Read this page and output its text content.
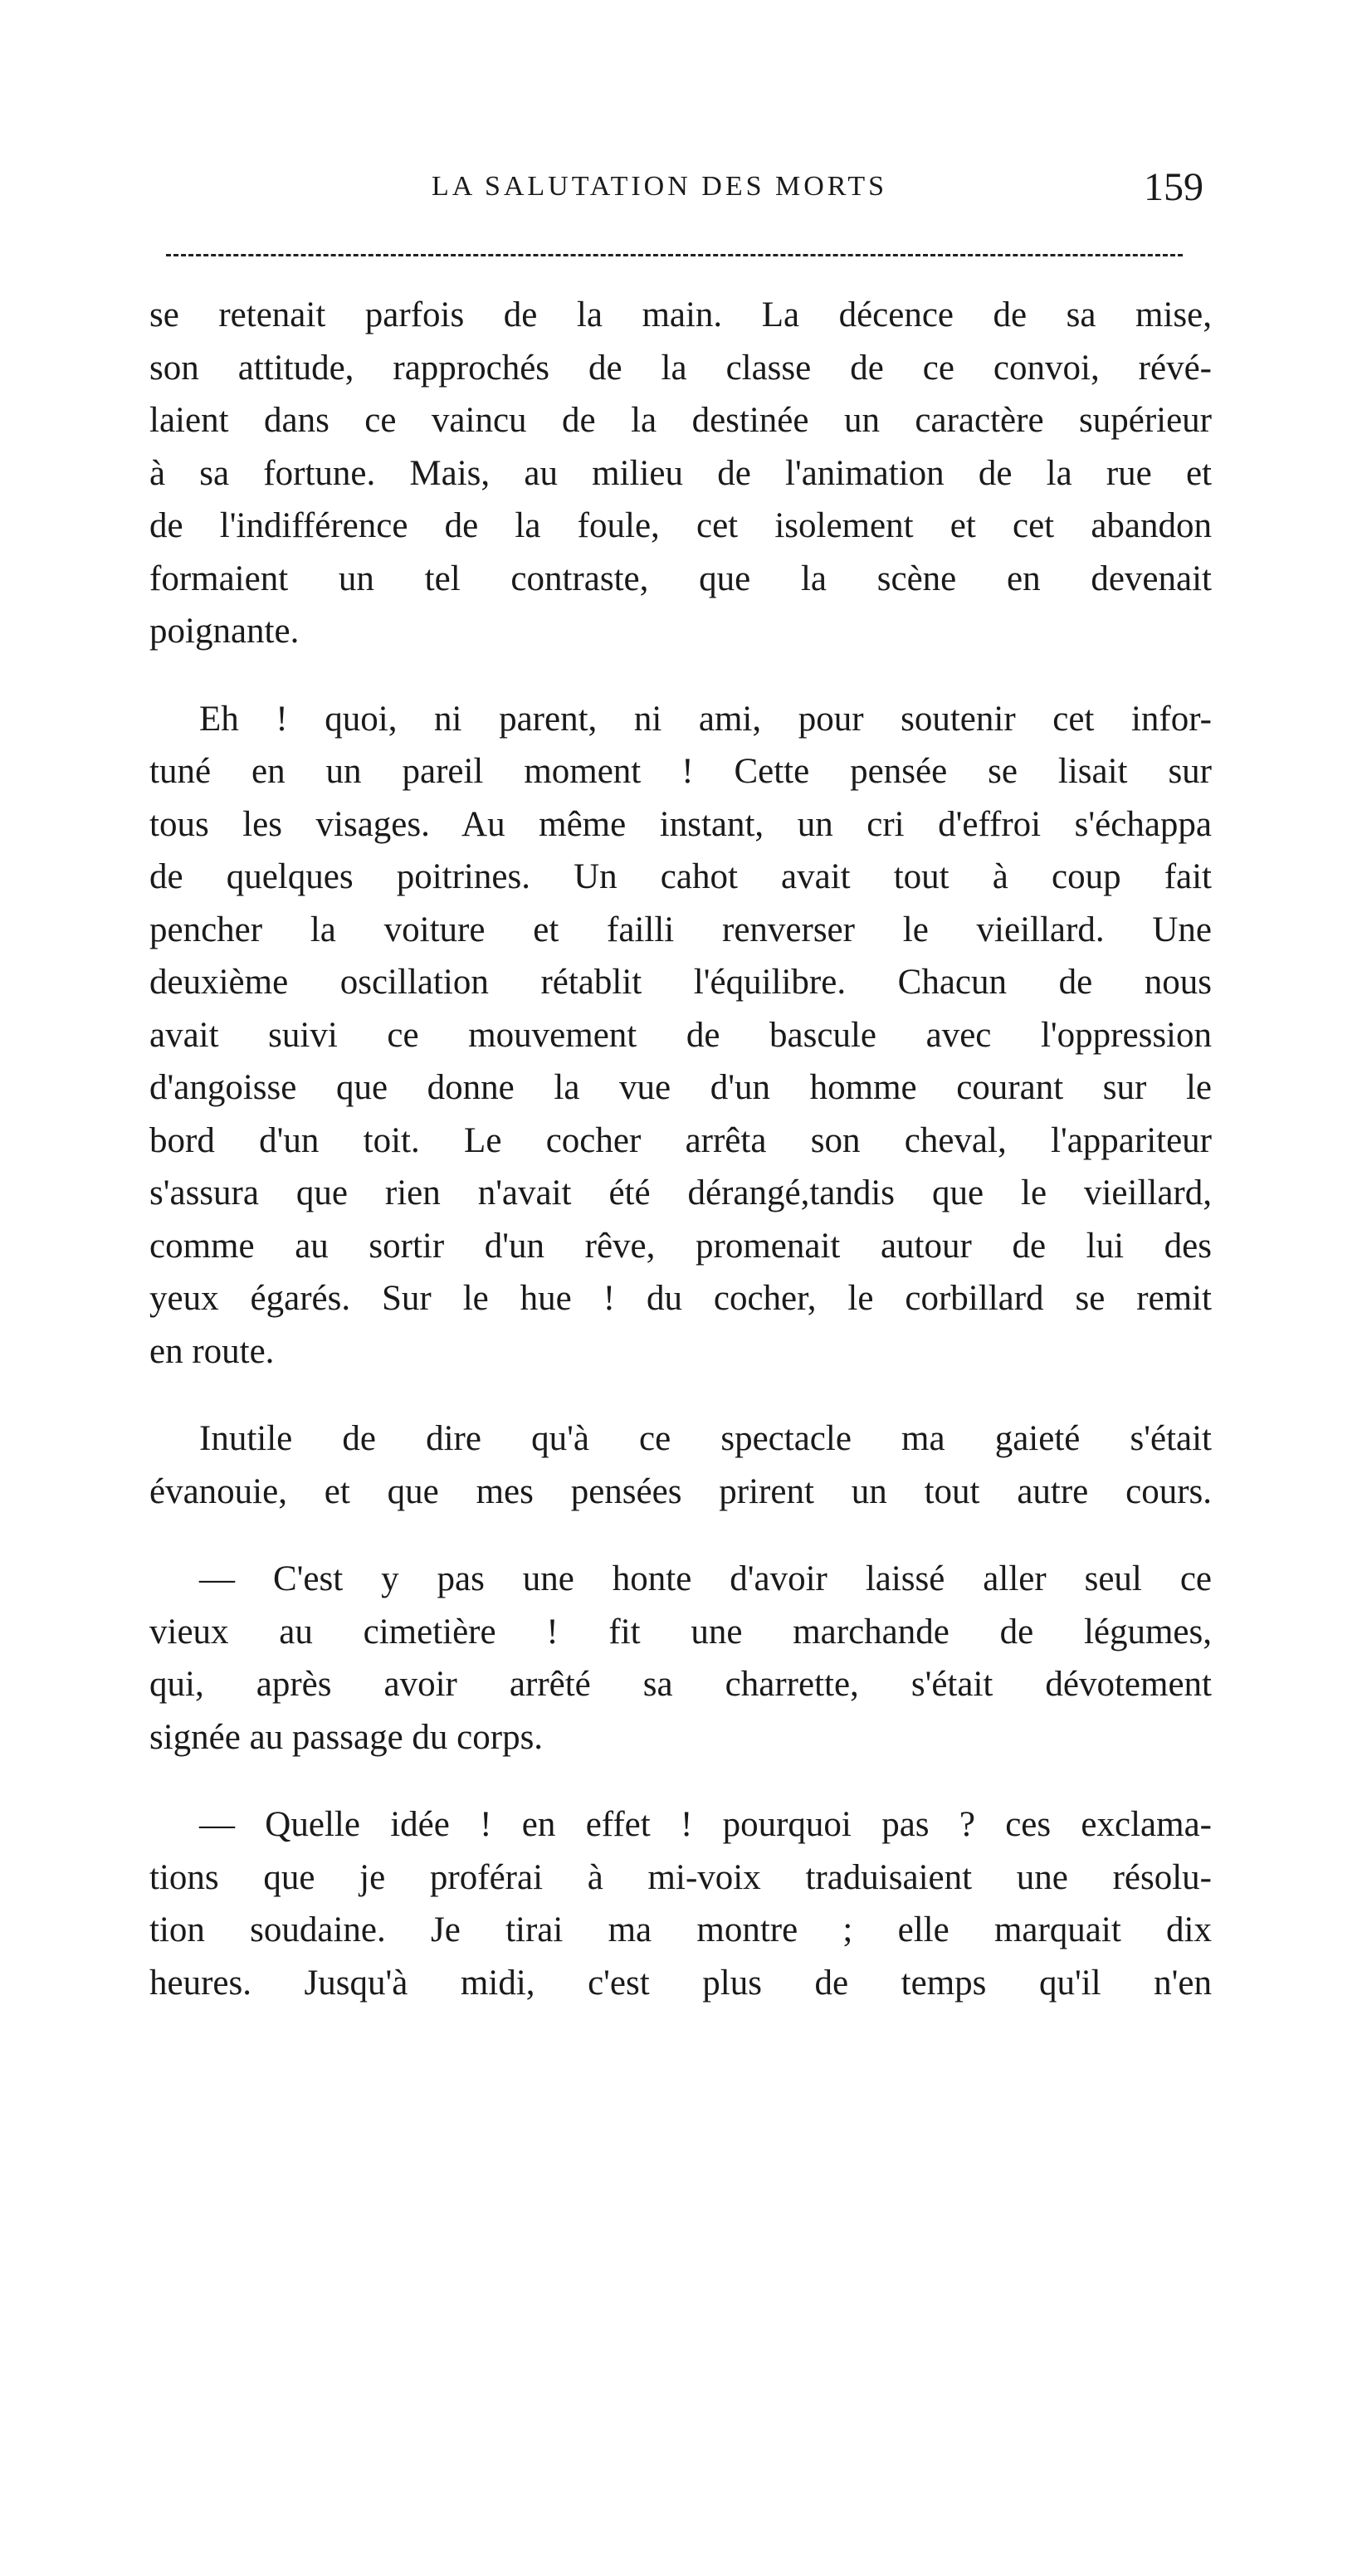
LA SALUTATION DES MORTS	159

se retenait parfois de la main. La décence de sa mise,
son attitude, rapprochés de la classe de ce convoi, révé-
laient dans ce vaincu de la destinée un caractère supérieur
à sa fortune. Mais, au milieu de l'animation de la rue et
de l'indifférence de la foule, cet isolement et cet abandon
formaient un tel contraste, que la scène en devenait
poignante.

Eh ! quoi, ni parent, ni ami, pour soutenir cet infor-
tuné en un pareil moment ! Cette pensée se lisait sur
tous les visages. Au même instant, un cri d'effroi s'échappa
de quelques poitrines. Un cahot avait tout à coup fait
pencher la voiture et failli renverser le vieillard. Une
deuxième oscillation rétablit l'équilibre. Chacun de nous
avait suivi ce mouvement de bascule avec l'oppression
d'angoisse que donne la vue d'un homme courant sur le
bord d'un toit. Le cocher arrêta son cheval, l'appariteur
s'assura que rien n'avait été dérangé,tandis que le vieillard,
comme au sortir d'un rêve, promenait autour de lui des
yeux égarés. Sur le hue ! du cocher, le corbillard se remit
en route.

Inutile de dire qu'à ce spectacle ma gaieté s'était
évanouie, et que mes pensées prirent un tout autre cours.

— C'est y pas une honte d'avoir laissé aller seul ce
vieux au cimetière ! fit une marchande de légumes,
qui, après avoir arrêté sa charrette, s'était dévotement
signée au passage du corps.

— Quelle idée ! en effet ! pourquoi pas ? ces exclama-
tions que je proférai à mi-voix traduisaient une résolu-
tion soudaine. Je tirai ma montre ; elle marquait dix
heures. Jusqu'à midi, c'est plus de temps qu'il n'en
